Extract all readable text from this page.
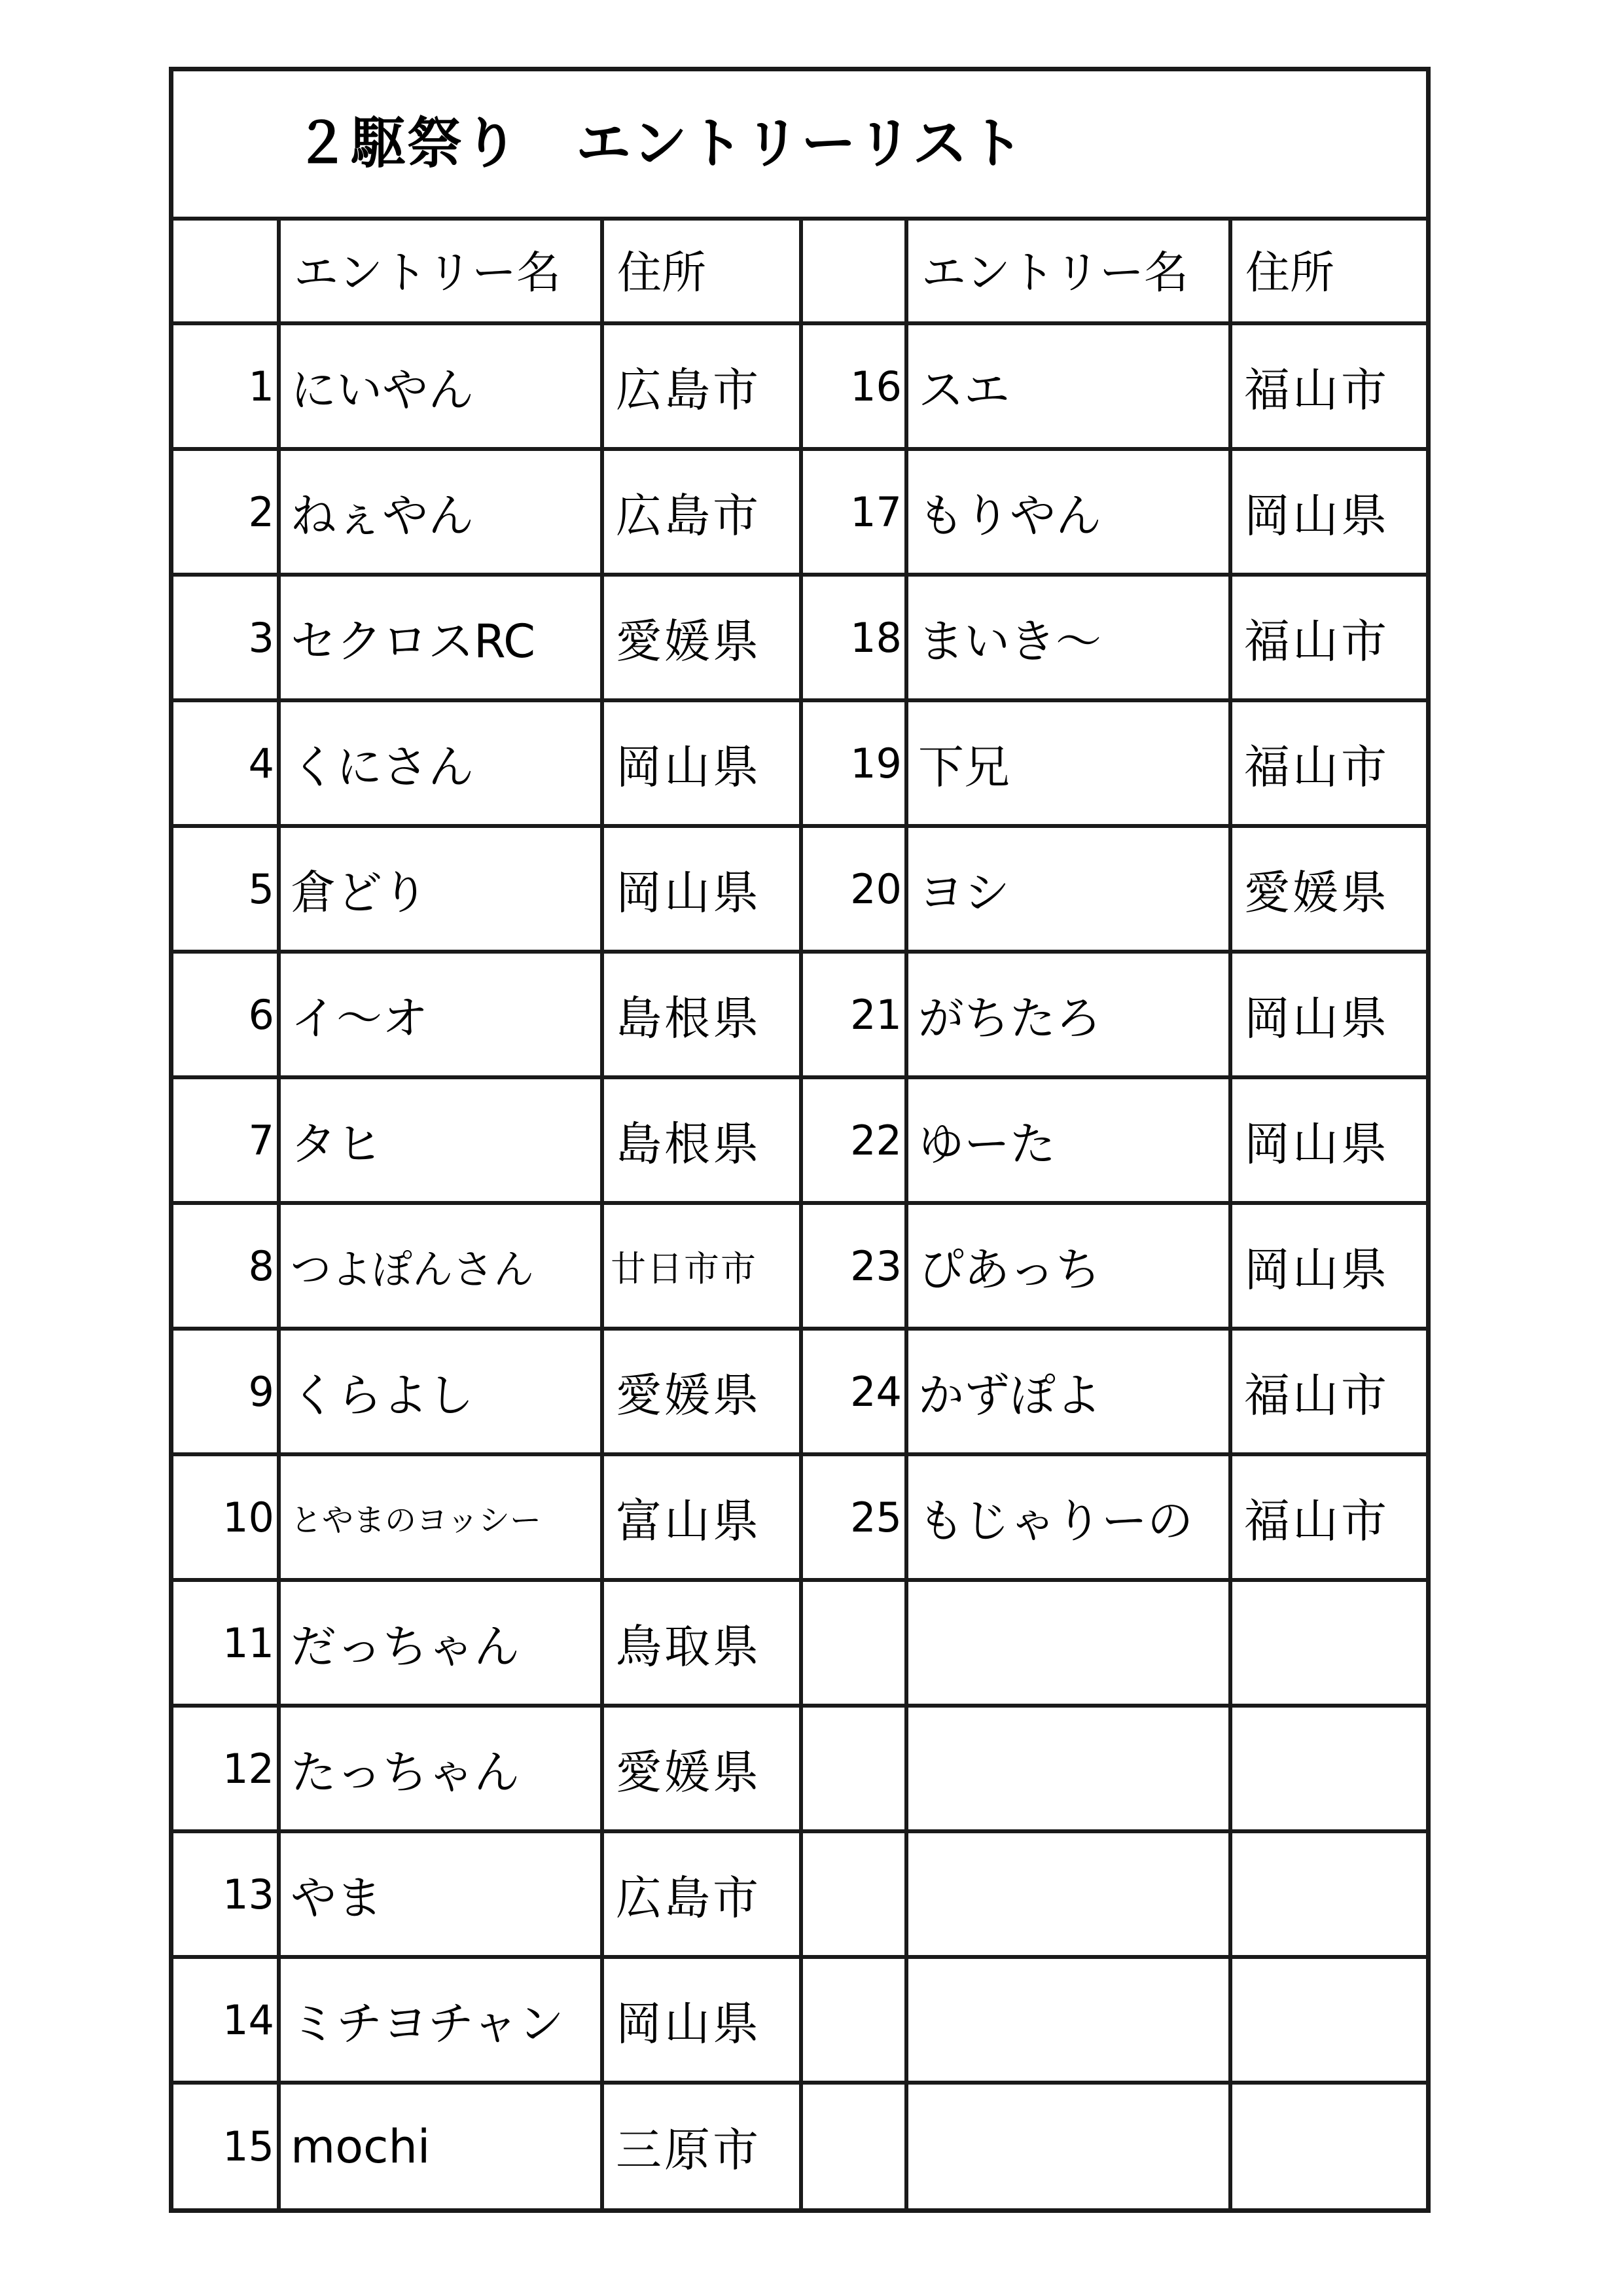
２駆祭り　エントリーリスト
	エントリー名	住所		エントリー名	住所
1	にいやん	広島市	16	スエ	福山市
2	ねぇやん	広島市	17	もりやん	岡山県
3	セクロスRC	愛媛県	18	まいき～	福山市
4	くにさん	岡山県	19	下兄	福山市
5	倉どり	岡山県	20	ヨシ	愛媛県
6	イ～オ	島根県	21	がちたろ	岡山県
7	タヒ	島根県	22	ゆーた	岡山県
8	つよぽんさん	廿日市市	23	ぴあっち	岡山県
9	くらよし	愛媛県	24	かずぽよ	福山市
10	とやまのヨッシー	富山県	25	もじゃりーの	福山市
11	だっちゃん	鳥取県			
12	たっちゃん	愛媛県			
13	やま	広島市			
14	ミチヨチャン	岡山県			
15	mochi	三原市			
